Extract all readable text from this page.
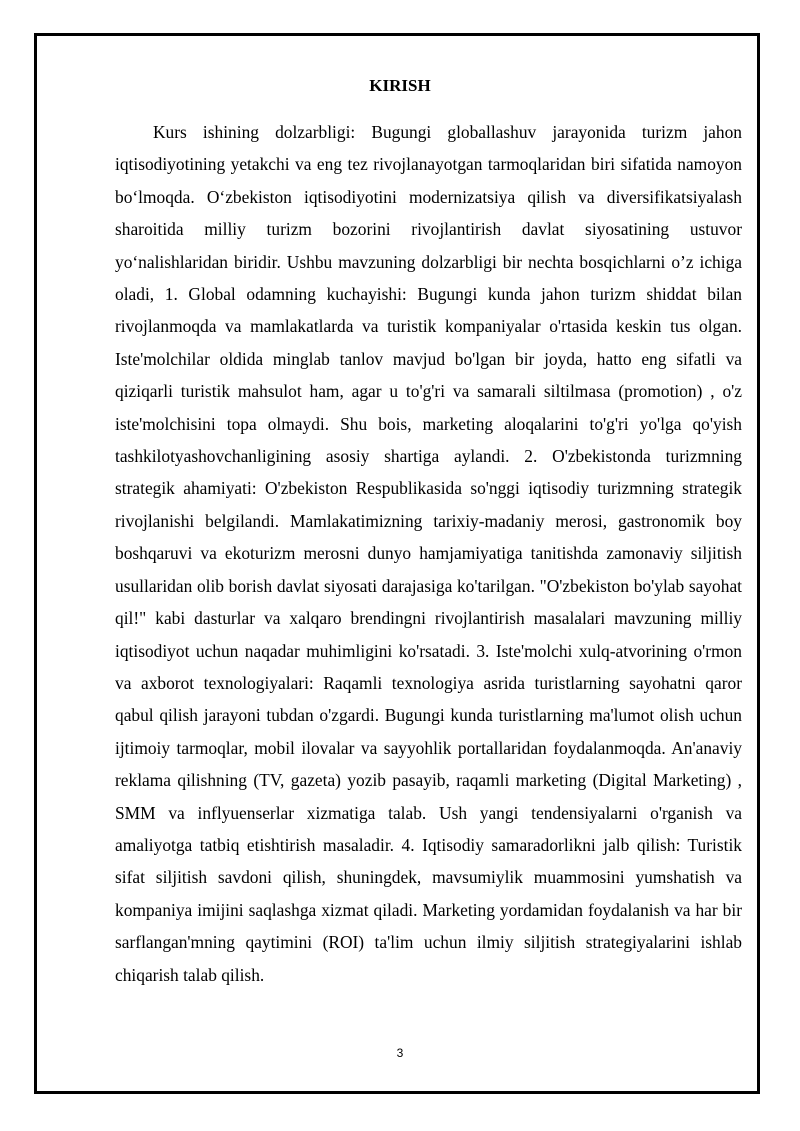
KIRISH

Kurs ishining dolzarbligi: Bugungi globallashuv jarayonida turizm jahon iqtisodiyotining yetakchi va eng tez rivojlanayotgan tarmoqlaridan biri sifatida namoyon bo‘lmoqda. O‘zbekiston iqtisodiyotini modernizatsiya qilish va diversifikatsiyalash sharoitida milliy turizm bozorini rivojlantirish davlat siyosatining ustuvor yo‘nalishlaridan biridir. Ushbu mavzuning dolzarbligi bir nechta bosqichlarni o’z ichiga oladi, 1. Global odamning kuchayishi: Bugungi kunda jahon turizm shiddat bilan rivojlanmoqda va mamlakatlarda va turistik kompaniyalar o'rtasida keskin tus olgan. Iste'molchilar oldida minglab tanlov mavjud bo'lgan bir joyda, hatto eng sifatli va qiziqarli turistik mahsulot ham, agar u to'g'ri va samarali siltilmasa (promotion) , o'z iste'molchisini topa olmaydi. Shu bois, marketing aloqalarini to'g'ri yo'lga qo'yish tashkilotyashovchanligining asosiy shartiga aylandi. 2. O'zbekistonda turizmning strategik ahamiyati: O'zbekiston Respublikasida so'nggi iqtisodiy turizmning strategik rivojlanishi belgilandi. Mamlakatimizning tarixiy-madaniy merosi, gastronomik boy boshqaruvi va ekoturizm merosni dunyo hamjamiyatiga tanitishda zamonaviy siljitish usullaridan olib borish davlat siyosati darajasiga ko'tarilgan. "O'zbekiston bo'ylab sayohat qil!" kabi dasturlar va xalqaro brendingni rivojlantirish masalalari mavzuning milliy iqtisodiyot uchun naqadar muhimligini ko'rsatadi. 3. Iste'molchi xulq-atvorining o'rmon va axborot texnologiyalari: Raqamli texnologiya asrida turistlarning sayohatni qaror qabul qilish jarayoni tubdan o'zgardi. Bugungi kunda turistlarning ma'lumot olish uchun ijtimoiy tarmoqlar, mobil ilovalar va sayyohlik portallaridan foydalanmoqda. An'anaviy reklama qilishning (TV, gazeta) yozib pasayib, raqamli marketing (Digital Marketing) , SMM va inflyuenserlar xizmatiga talab. Ush yangi tendensiyalarni o'rganish va amaliyotga tatbiq etishtirish masaladir. 4. Iqtisodiy samaradorlikni jalb qilish: Turistik sifat siljitish savdoni qilish, shuningdek, mavsumiylik muammosini yumshatish va kompaniya imijini saqlashga xizmat qiladi. Marketing yordamidan foydalanish va har bir sarflangan'mning qaytimini (ROI) ta'lim uchun ilmiy siljitish strategiyalarini ishlab chiqarish talab qilish.

3
